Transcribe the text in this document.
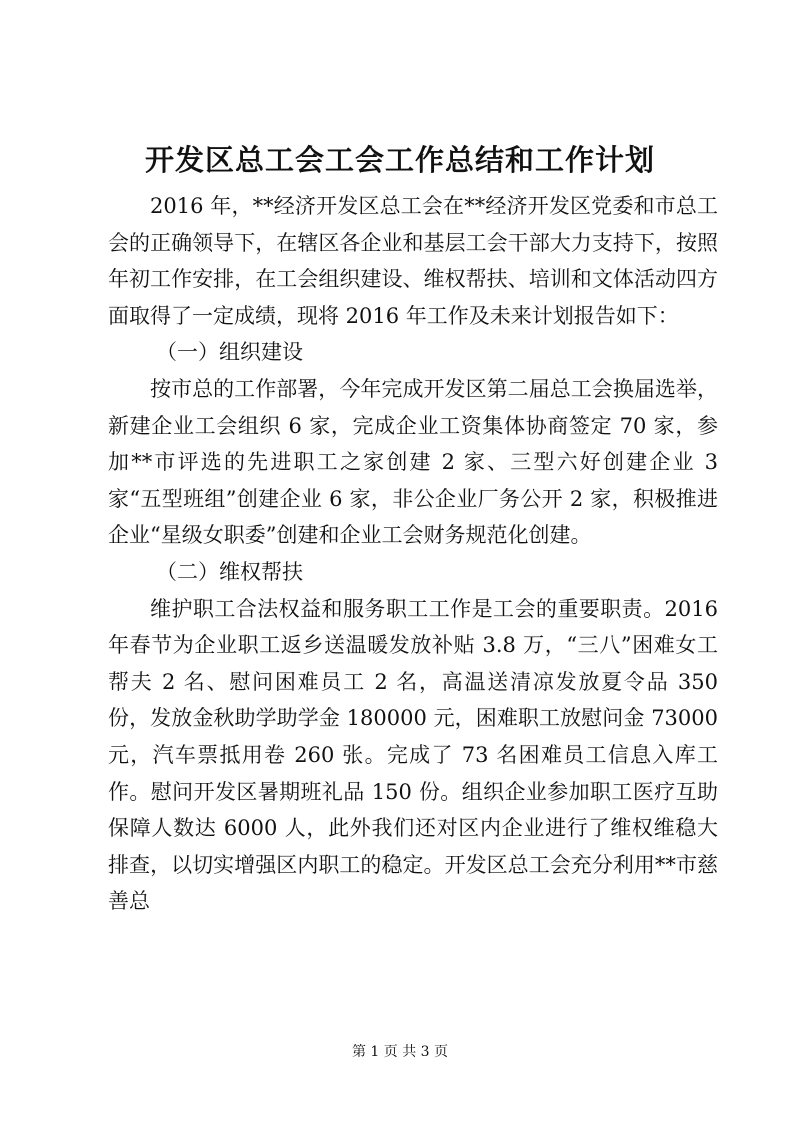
开发区总工会工会工作总结和工作计划

2016 年，**经济开发区总工会在**经济开发区党委和市总工会的正确领导下，在辖区各企业和基层工会干部大力支持下，按照年初工作安排，在工会组织建设、维权帮扶、培训和文体活动四方面取得了一定成绩，现将 2016 年工作及未来计划报告如下：

（一）组织建设

按市总的工作部署，今年完成开发区第二届总工会换届选举，新建企业工会组织 6 家，完成企业工资集体协商签定 70 家，参加**市评选的先进职工之家创建 2 家、三型六好创建企业 3 家“五型班组”创建企业 6 家，非公企业厂务公开 2 家，积极推进企业“星级女职委”创建和企业工会财务规范化创建。

（二）维权帮扶

维护职工合法权益和服务职工工作是工会的重要职责。2016 年春节为企业职工返乡送温暖发放补贴 3.8 万，“三八”困难女工帮夫 2 名、慰问困难员工 2 名，高温送清凉发放夏令品 350 份，发放金秋助学助学金 180000 元，困难职工放慰问金 73000 元，汽车票抵用卷 260 张。完成了 73 名困难员工信息入库工作。慰问开发区暑期班礼品 150 份。组织企业参加职工医疗互助保障人数达 6000 人，此外我们还对区内企业进行了维权维稳大排查，以切实增强区内职工的稳定。开发区总工会充分利用**市慈善总

第 1 页 共 3 页
